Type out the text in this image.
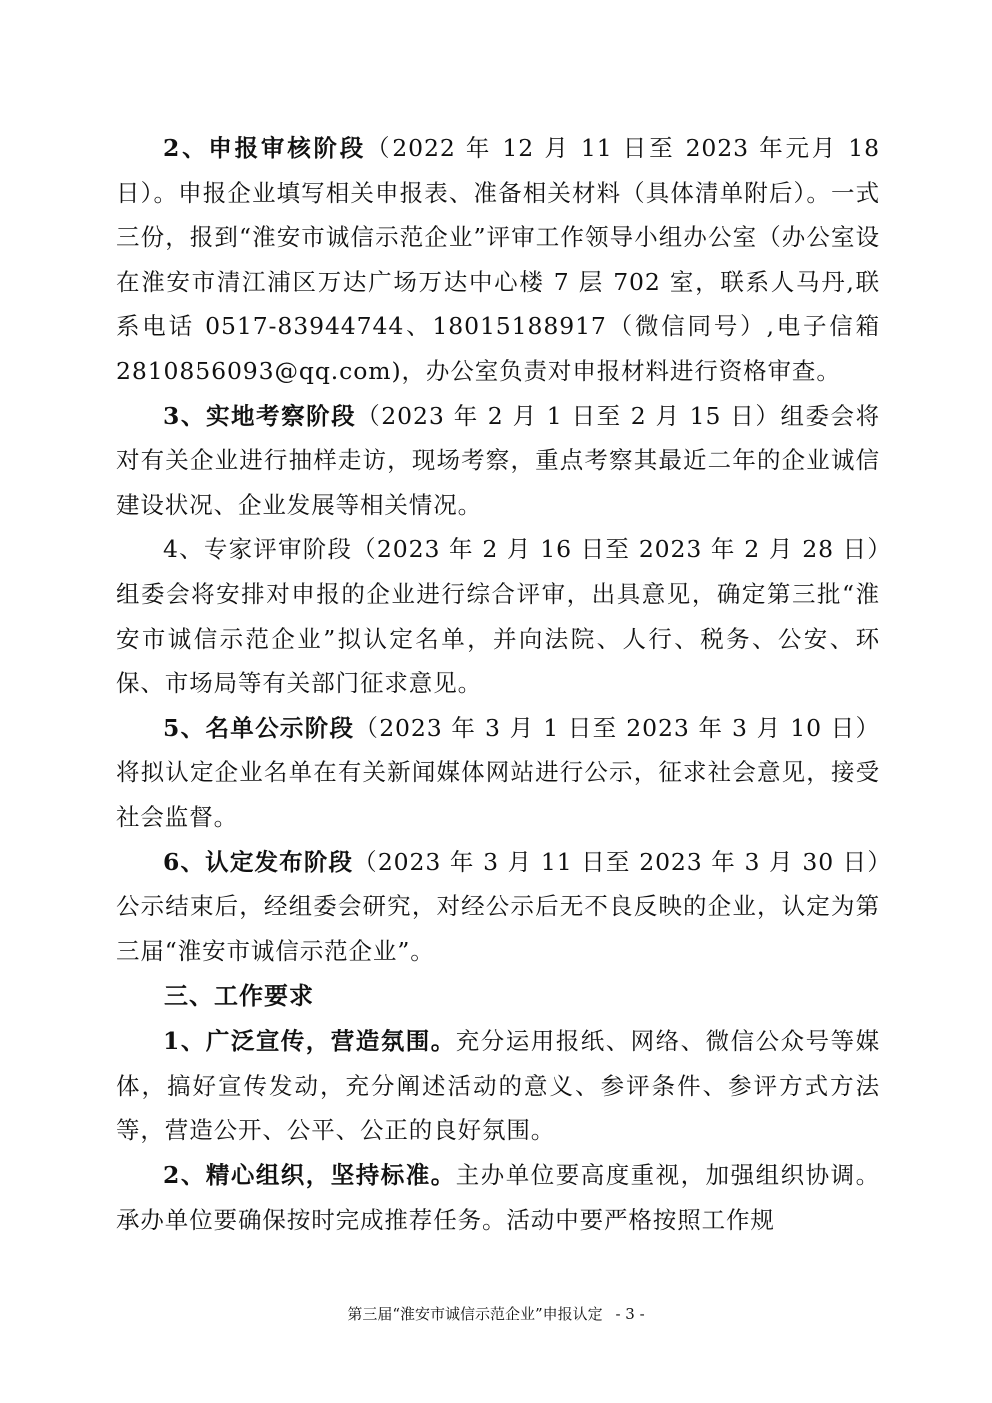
2、申报审核阶段（2022 年 12 月 11 日至 2023 年元月 18 日）。申报企业填写相关申报表、准备相关材料（具体清单附后）。一式三份，报到“淮安市诚信示范企业”评审工作领导小组办公室（办公室设在淮安市清江浦区万达广场万达中心楼 7 层 702 室，联系人马丹,联系电话 0517-83944744、18015188917（微信同号）,电子信箱 2810856093@qq.com)，办公室负责对申报材料进行资格审查。

3、实地考察阶段（2023 年 2 月 1 日至 2 月 15 日）组委会将对有关企业进行抽样走访，现场考察，重点考察其最近二年的企业诚信建设状况、企业发展等相关情况。

4、专家评审阶段（2023 年 2 月 16 日至 2023 年 2 月 28 日）组委会将安排对申报的企业进行综合评审，出具意见，确定第三批“淮安市诚信示范企业”拟认定名单，并向法院、人行、税务、公安、环保、市场局等有关部门征求意见。

5、名单公示阶段（2023 年 3 月 1 日至 2023 年 3 月 10 日）将拟认定企业名单在有关新闻媒体网站进行公示，征求社会意见，接受社会监督。

6、认定发布阶段（2023 年 3 月 11 日至 2023 年 3 月 30 日）公示结束后，经组委会研究，对经公示后无不良反映的企业，认定为第三届“淮安市诚信示范企业”。

三、工作要求

1、广泛宣传，营造氛围。充分运用报纸、网络、微信公众号等媒体，搞好宣传发动，充分阐述活动的意义、参评条件、参评方式方法等，营造公开、公平、公正的良好氛围。

2、精心组织，坚持标准。主办单位要高度重视，加强组织协调。承办单位要确保按时完成推荐任务。活动中要严格按照工作规

第三届“淮安市诚信示范企业”申报认定 - 3 -
